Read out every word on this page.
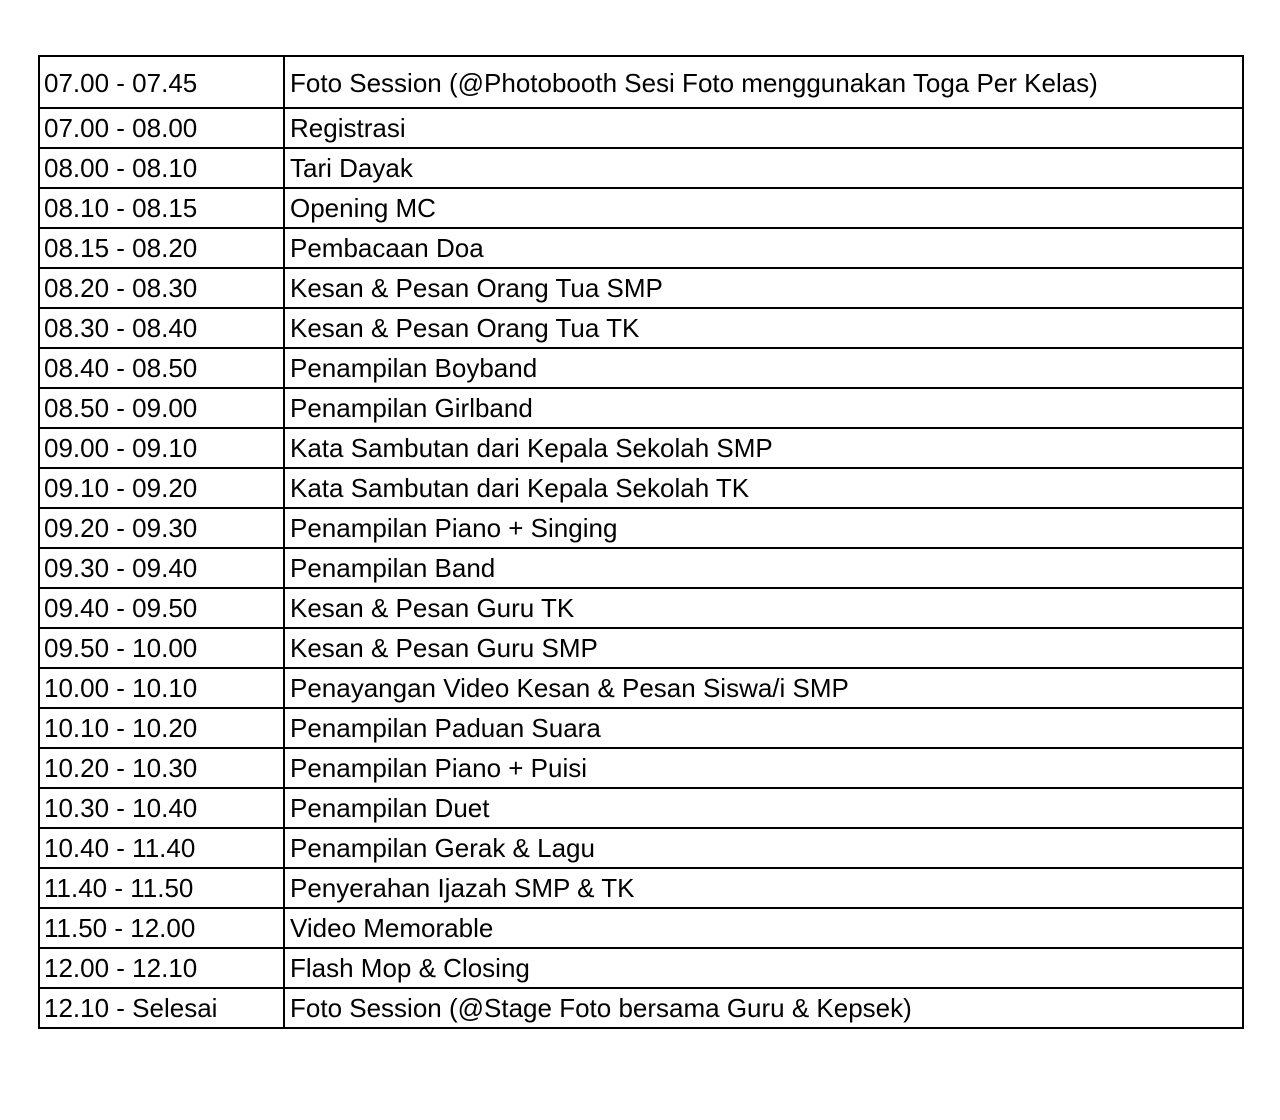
07.00 - 07.45	Foto Session (@Photobooth Sesi Foto menggunakan Toga Per Kelas)
07.00 - 08.00	Registrasi
08.00 - 08.10	Tari Dayak
08.10 - 08.15	Opening MC
08.15 - 08.20	Pembacaan Doa
08.20 - 08.30	Kesan & Pesan Orang Tua SMP
08.30 - 08.40	Kesan & Pesan Orang Tua TK
08.40 - 08.50	Penampilan Boyband
08.50 - 09.00	Penampilan Girlband
09.00 - 09.10	Kata Sambutan dari Kepala Sekolah SMP
09.10 - 09.20	Kata Sambutan dari Kepala Sekolah TK
09.20 - 09.30	Penampilan Piano + Singing
09.30 - 09.40	Penampilan Band
09.40 - 09.50	Kesan & Pesan Guru TK
09.50 - 10.00	Kesan & Pesan Guru SMP
10.00 - 10.10	Penayangan Video Kesan & Pesan Siswa/i SMP
10.10 - 10.20	Penampilan Paduan Suara
10.20 - 10.30	Penampilan Piano + Puisi
10.30 - 10.40	Penampilan Duet
10.40 - 11.40	Penampilan Gerak & Lagu
11.40 - 11.50	Penyerahan Ijazah SMP & TK
11.50 - 12.00	Video Memorable
12.00 - 12.10	Flash Mop & Closing
12.10 - Selesai	Foto Session (@Stage Foto bersama Guru & Kepsek)
